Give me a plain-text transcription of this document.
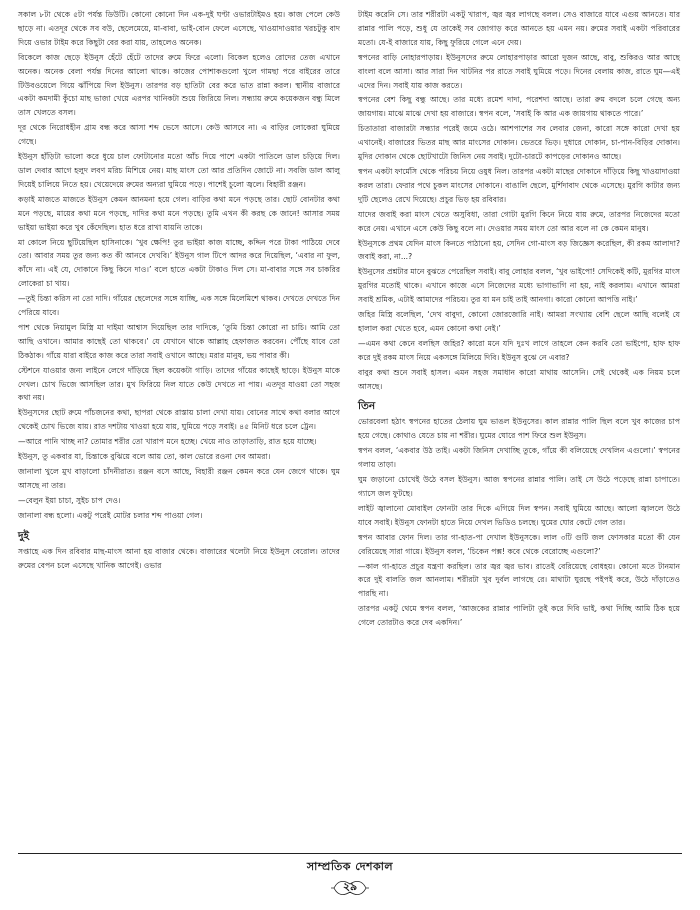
সকাল ৮টা থেকে ৫টা পর্যন্ত ডিউটি। কোনো কোনো দিন এক-দুই ঘণ্টা ওভারটাইমও হয়। কাজ পেলে কেউ ছাড়ে না। এতদূর থেকে সব বউ, ছেলেমেয়ে, মা-বাবা, ভাই-বোন ফেলে এসেছে, খাওয়াদাওয়ার খরচটুকু বাদ দিয়ে ওভার টাইম করে কিছুটা বের করা যায়, তাহলেও অনেক।

বিকেলে কাজ ছেড়ে ইউনুস হেঁটে হেঁটে তাদের রুমে ফিরে এলো। বিকেল হলেও রোদের তেজ এখানে অনেক। অনেক বেলা পর্যন্ত দিনের আলো থাকে। কাজের পোশাকগুলো খুলে গামছা পরে বাইরের তারে টিউবওয়েলে গিয়ে ঝাঁপিয়ে দিল ইউনুস। তারপর বড় হাতিটা বের করে ভাত রান্না করল। স্থানীয় বাজারে একটা কমদামী কুঁচো মাছ ভাজা খেয়ে এরপর খানিকটা শুয়ে জিরিয়ে নিল। সন্ধ্যায় রুমে কয়েকজন বন্ধু মিলে তাস খেলতে বসল।

দূর থেকে নিরোধহীন গ্রাম বন্ধ করে আসা শব্দ ভেসে আসে। কেউ আসবে না। এ বাড়ির লোকেরা ঘুমিয়ে গেছে।

ইউনুস হাঁড়িটা ভালো করে ধুয়ে চাল ফোটানোর মতো আঁচ দিয়ে পাশে একটা পাতিলে ডাল চড়িয়ে দিল। ডাল দেবার আগে হলুদ লবণ মরিচ মিশিয়ে নেয়। মাছ মাংস তো আর প্রতিদিন জোটে না। সবজি ডাল আলু দিয়েই চালিয়ে নিতে হয়। খেয়েদেয়ে রুমের অন্যরা ঘুমিয়ে পড়ে। পাশেই চুলো জ্বলে। বিহারী রঞ্জন।

কড়াই মাজতে মাজতে ইউনুস কেমন আনমনা হয়ে গেল। বাড়ির কথা মনে পড়ছে তার। ছোট বোনটার কথা মনে পড়ছে, মায়ের কথা মনে পড়ছে, দাদির কথা মনে পড়ছে। তুমি এখন কী করছ কে জানে! আসার সময় ভাইয়া ভাইয়া করে খুব কেঁদেছিল। হাত ধরে রাখা যায়নি তাকে।

মা কোলে নিয়ে ছুটিয়েছিল হাসিনাকে। ‘খুব ক্ষেপি! তুর ভাইয়া কাজ যাচ্ছে, কদ্দিন পরে টাকা পাঠিয়ে দেবে তো। আবার সময় তুর জন্য কত কী আনবে দেখবি।’ ইউনুস গাল টিপে আদর করে দিয়েছিল, ‘এবার না ফুল, কাঁদে না। এই যে, দোকানে কিছু কিনে দাও।’ বলে হাতে একটা টাকাও দিল সে। মা-বাবার সঙ্গে সব চাকরির লোকেরা চা খায়।

—তুই চিন্তা করিস না তো দাদি। গাঁয়ের ছেলেদের সঙ্গে যাচ্ছি, এক সঙ্গে মিলেমিশে থাকব। দেখতে দেখতে দিন পেরিয়ে যাবে।

পাশ থেকে নিয়ামুল মিস্ত্রি মা দাইমা আশ্বাস দিয়েছিল তার দাদিকে, ‘তুমি চিন্তা কোরো না চাচি। আমি তো আছি ওখানে। আমার কাছেই তো থাকবে।’ যে যেখানে থাকে আল্লাহ হেফাজত করবেন। পৌঁছে যাবে তো ঠিকঠাক। গাঁয়ে যারা বাইরে কাজ করে তারা সবাই ওখানে আছে। মরার মানুষ, ভয় পাবার কী।

স্টেশনে যাওয়ার জন্য লাইনে লেগে দাঁড়িয়ে ছিল কয়েকটা গাড়ি। তাদের গাঁয়ের কাছেই ছাড়ে। ইউনুস মাকে দেখল। চোখ ভিজে আসছিল তার। মুখ ফিরিয়ে নিল যাতে কেউ দেখতে না পায়। এতদূর যাওয়া তো সহজ কথা নয়।

ইউনুসদের ছোট রুমে পাঁচজনের কথা, ছাপরা থেকে রাস্তায় চালা দেখা যায়। বোনের সাথে কথা বলার আগে থেকেই চোখ ভিজে যায়। রাত দশটায় খাওয়া হয়ে যায়, ঘুমিয়ে পড়ে সবাই। ৪৫ মিনিট ধরে চলে ট্রেন।

—আরে পানি খাচ্ছ না? তোমার শরীর তো খারাপ মনে হচ্ছে। খেয়ে নাও তাড়াতাড়ি, রাত হয়ে যাচ্ছে।

ইউনুস, তু একবার যা, চিন্তাকে বুঝিয়ে বলে আয় তো, কাল ভোরে রওনা দেব আমরা।

জানালা খুলে মুখ বাড়ালো চাঁদনীরাত। রঞ্জন বসে আছে, বিহারী রঞ্জন কেমন করে যেন জেগে থাকে। ঘুম আসছে না তার।

—বেলুন ইয়া চাচা, সুইচ চাপ দেও।

জানালা বন্ধ হলো। একটু পরেই মোটর চলার শব্দ পাওয়া গেল।

দুই

সপ্তাহে এক দিন রবিবার মাছ-মাংস আনা হয় বাজার থেকে। বাজারের থলেটা নিয়ে ইউনুস বেরোল। তাদের রুমের বেপন চলে এসেছে খানিক আগেই। ওভার

টাইম করেনি সে। তার শরীরটা একটু খারাপ, জ্বর জ্বর লাগছে বলল। সেও বাজারে যাবে এগুয় আনতে। যার রান্নার পালি পড়ে, শুধু যে তাকেই সব জোগাড় করে আনতে হয় এমন নয়। রুমের সবাই একটা পরিবারের মতো। যে-ই বাজারে যায়, কিছু ফুরিয়ে গেলে এনে দেয়।

স্বপনের বাড়ি নোহারপাড়ায়। ইউনুসদের রুমে লোহারপাড়ার আরো দুজন আছে, বাবু, শুকিরও আর আছে বাংলা বলে আসা। আর সারা দিন খাটনির পর রাতে সবাই ঘুমিয়ে পড়ে। দিনের বেলায় কাজ, রাতে ঘুম—এই এদের দিন। সবাই যায় কাজ করতে।

স্বপনের বেশ কিছু বন্ধু আছে। তার মধ্যে রমেশ দাদা, পরেশদা আছে। তারা রুম বদলে চলে গেছে অন্য জায়গায়। মাঝে মাঝে দেখা হয় বাজারে। স্বপন বলে, ‘সবাই কি আর এক জায়গায় থাকতে পারে।’

চিতাতারা বাজারটা সন্ধ্যার পরেই জমে ওঠে। আশপাশের সব লেবার জেনা, কারো সঙ্গে কারো দেখা হয় এখানেই। বাজারের ভিতর মাছ আর মাংসের দোকান। ভেতরে ভিড়। দুধারে দোকান, চা-পান-বিড়ির দোকান। মুদির দোকান থেকে ছোটখাটো জিনিস নেয় সবাই। দুটো-চারটে কাপড়ের দোকানও আছে।

স্বপন একটা ফার্মেসি থেকে পরিচয় নিয়ে ওষুধ নিল। তারপর একটা মাছের দোকানে দাঁড়িয়ে কিছু খাওয়াদাওয়া করল তারা। ফেরার পথে চুকল মাংসের দোকানে। বাঙালি ছেলে, মুর্শিদাবাদ থেকে এসেছে। মুরগি কাটার জন্য দুটি ছেলেও রেখে দিয়েছে। প্রচুর ভিড় হয় রবিবার।

যাদের জবাই করা মাংস খেতে অসুবিধা, তারা গোটা মুরগি কিনে নিয়ে যায় রুমে, তারপর নিজেদের মতো করে নেয়। এখানে এসে কেউ কিছু বলে না। দেওয়ার সময় মাংস তো আর বলে না কে কেমন মানুষ।

ইউনুসকে প্রথম যেদিন মাংস কিনতে পাঠানো হয়, সেদিন গো-মাংস বড় জিজ্ঞেস করেছিল, কী রকম আলাদা? জবাই করা, না...?

ইউনুসের প্রশ্নটার মানে বুঝতে পেরেছিল সবাই। বাবু লোহার বলল, ‘খুব ভাইপো! সেদিকেই কটি, মুরগির মাংস মুরগির মতোই থাকে। এখানে কাজে এসে নিজেদের মধ্যে ভাগাভাগি না হয়, নাই করলাম। এখানে আমরা সবাই শ্রমিক, এটাই আমাদের পরিচয়। তুর যা মন চাই তাই আনগা। কারো কোনো আপত্তি নাই।’

জহির মিস্ত্রি বলেছিল, ‘দেখ বাবুদা, কোনো জোরজোরি নাই। আমরা সংখ্যায় বেশি ছেলে আছি বলেই যে হালাল করা খেতে হবে, এমন কোনো কথা নেই।’

—এমন কথা কেনে বলছিস জহির? কারো মনে যদি দুঃখ লাগে তাহলে কেন করবি তো ভাইপো, হাফ হাফ করে দুই রকম মাংস নিয়ে একসঙ্গে মিলিয়ে দিবি। ইউনুস বুঝে নে এবার?

বাবুর কথা শুনে সবাই হাসল। এমন সহজ সমাধান কারো মাথায় আসেনি। সেই থেকেই এক নিয়ম চলে আসছে।

তিন

ভোরবেলা হঠাৎ স্বপনের হাতের ঠেলায় ঘুম ভাঙল ইউনুসের। কাল রান্নার পালি ছিল বলে খুব কাজের চাপ হয়ে গেছে। কোথাও যেতে চায় না শরীর। ঘুমের ঘোরে পাশ ফিরে শুল ইউনুস।

স্বপন বলল, ‘একবার উঠ তাই। একটা জিনিস দেখাচ্ছি তুকে, গাঁয়ে কী বলিয়েছে দেখলিন এগুলো।’ স্বপনের গলায় তাড়া।

ঘুম জড়ানো চোখেই উঠে বসল ইউনুস। আজ স্বপনের রান্নার পালি। তাই সে উঠে পড়েছে রান্না চাপাতে। গ্যাসে জল ফুটছে।

লাইট জ্বালানো মোবাইল ফোনটা তার দিকে এগিয়ে দিল স্বপন। সবাই ঘুমিয়ে আছে। আলো জ্বাললে উঠে যাবে সবাই। ইউনুস ফোনটা হাতে নিয়ে দেখল ভিডিও চলছে। ঘুমের ঘোর কেটে গেল তার।

স্বপন আবার ফোন দিল। তার গা-হাত-পা দেখাল ইউনুসকে। লাল ৩টি গুটি জল ফোসকার মতো কী যেন বেরিয়েছে সারা গায়ে। ইউনুস বলল, ‘চিকেন পক্স! কবে থেকে বেরোচ্ছে এগুলো?’

—কাল গা-হাতে প্রচুর যন্ত্রণা করছিল। তার জ্বর জ্বর ভাব। রাতেই বেরিয়েছে বোধহয়। কোনো মতে টানমান করে দুই বালতি জল আনলাম। শরীরটা খুব দুর্বল লাগছে রে। মাথাটা ঘুরছে পইপই করে, উঠে দাঁড়াতেও পারছি না।

তারপর একটু থেমে স্বপন বলল, ‘আজকের রান্নার পালিটা তুই করে দিবি ভাই, কথা দিচ্ছি আমি ঠিক হয়ে গেলে তোরটাও করে দেব একদিন।’

সাম্প্রতিক দেশকাল
২৯
